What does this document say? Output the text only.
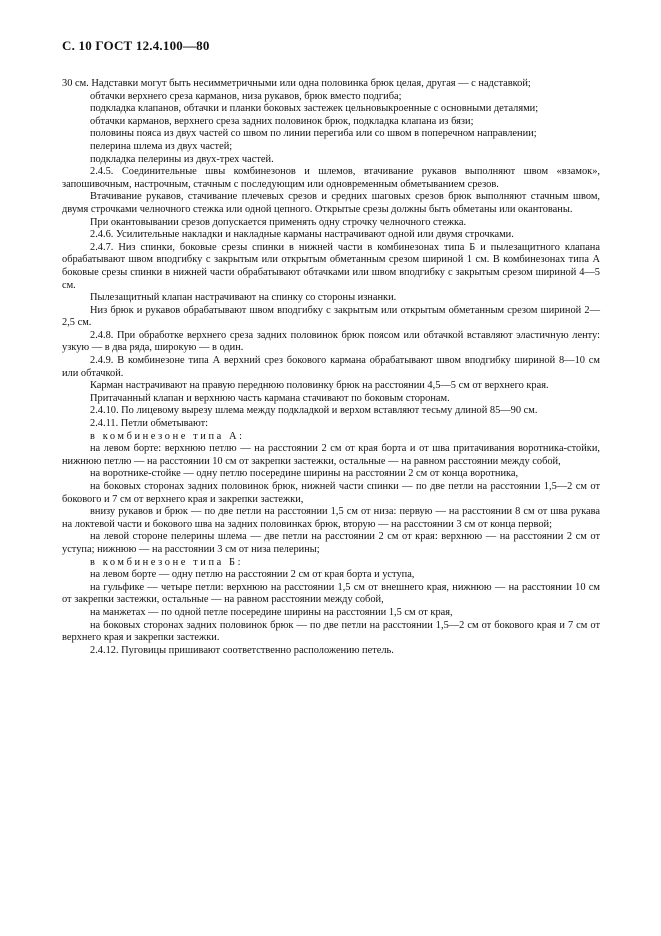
С. 10 ГОСТ 12.4.100—80

30 см. Надставки могут быть несимметричными или одна половинка брюк целая, другая — с надставкой;

обтачки верхнего среза карманов, низа рукавов, брюк вместо подгиба;

подкладка клапанов, обтачки и планки боковых застежек цельновыкроенные с основными деталями;

обтачки карманов, верхнего среза задних половинок брюк, подкладка клапана из бязи;

половины пояса из двух частей со швом по линии перегиба или со швом в поперечном направлении;

пелерина шлема из двух частей;

подкладка пелерины из двух-трех частей.

2.4.5. Соединительные швы комбинезонов и шлемов, втачивание рукавов выполняют швом «взамок», запошивочным, настрочным, стачным с последующим или одновременным обметыванием срезов.

Втачивание рукавов, стачивание плечевых срезов и средних шаговых срезов брюк выполняют стачным швом, двумя строчками челночного стежка или одной цепного. Открытые срезы должны быть обметаны или окантованы.

При окантовывании срезов допускается применять одну строчку челночного стежка.

2.4.6. Усилительные накладки и накладные карманы настрачивают одной или двумя строчками.

2.4.7. Низ спинки, боковые срезы спинки в нижней части в комбинезонах типа Б и пылезащитного клапана обрабатывают швом вподгибку с закрытым или открытым обметанным срезом шириной 1 см. В комбинезонах типа А боковые срезы спинки в нижней части обрабатывают обтачками или швом вподгибку с закрытым срезом шириной 4—5 см.

Пылезащитный клапан настрачивают на спинку со стороны изнанки.

Низ брюк и рукавов обрабатывают швом вподгибку с закрытым или открытым обметанным срезом шириной 2—2,5 см.

2.4.8. При обработке верхнего среза задних половинок брюк поясом или обтачкой вставляют эластичную ленту: узкую — в два ряда, широкую — в один.

2.4.9. В комбинезоне типа А верхний срез бокового кармана обрабатывают швом вподгибку шириной 8—10 см или обтачкой.

Карман настрачивают на правую переднюю половинку брюк на расстоянии 4,5—5 см от верхнего края.

Притачанный клапан и верхнюю часть кармана стачивают по боковым сторонам.

2.4.10. По лицевому вырезу шлема между подкладкой и верхом вставляют тесьму длиной 85—90 см.

2.4.11. Петли обметывают:

в комбинезоне типа А:

на левом борте: верхнюю петлю — на расстоянии 2 см от края борта и от шва притачивания воротника-стойки, нижнюю петлю — на расстоянии 10 см от закрепки застежки, остальные — на равном расстоянии между собой,

на воротнике-стойке — одну петлю посередине ширины на расстоянии 2 см от конца воротника,

на боковых сторонах задних половинок брюк, нижней части спинки — по две петли на расстоянии 1,5—2 см от бокового и 7 см от верхнего края и закрепки застежки,

внизу рукавов и брюк — по две петли на расстоянии 1,5 см от низа: первую — на расстоянии 8 см от шва рукава на локтевой части и бокового шва на задних половинках брюк, вторую — на расстоянии 3 см от конца первой;

на левой стороне пелерины шлема — две петли на расстоянии 2 см от края: верхнюю — на расстоянии 2 см от уступа; нижнюю — на расстоянии 3 см от низа пелерины;

в комбинезоне типа Б:

на левом борте — одну петлю на расстоянии 2 см от края борта и уступа,

на гульфике — четыре петли: верхнюю на расстоянии 1,5 см от внешнего края, нижнюю — на расстоянии 10 см от закрепки застежки, остальные — на равном расстоянии между собой,

на манжетах — по одной петле посередине ширины на расстоянии 1,5 см от края,

на боковых сторонах задних половинок брюк — по две петли на расстоянии 1,5—2 см от бокового края и 7 см от верхнего края и закрепки застежки.

2.4.12. Пуговицы пришивают соответственно расположению петель.
